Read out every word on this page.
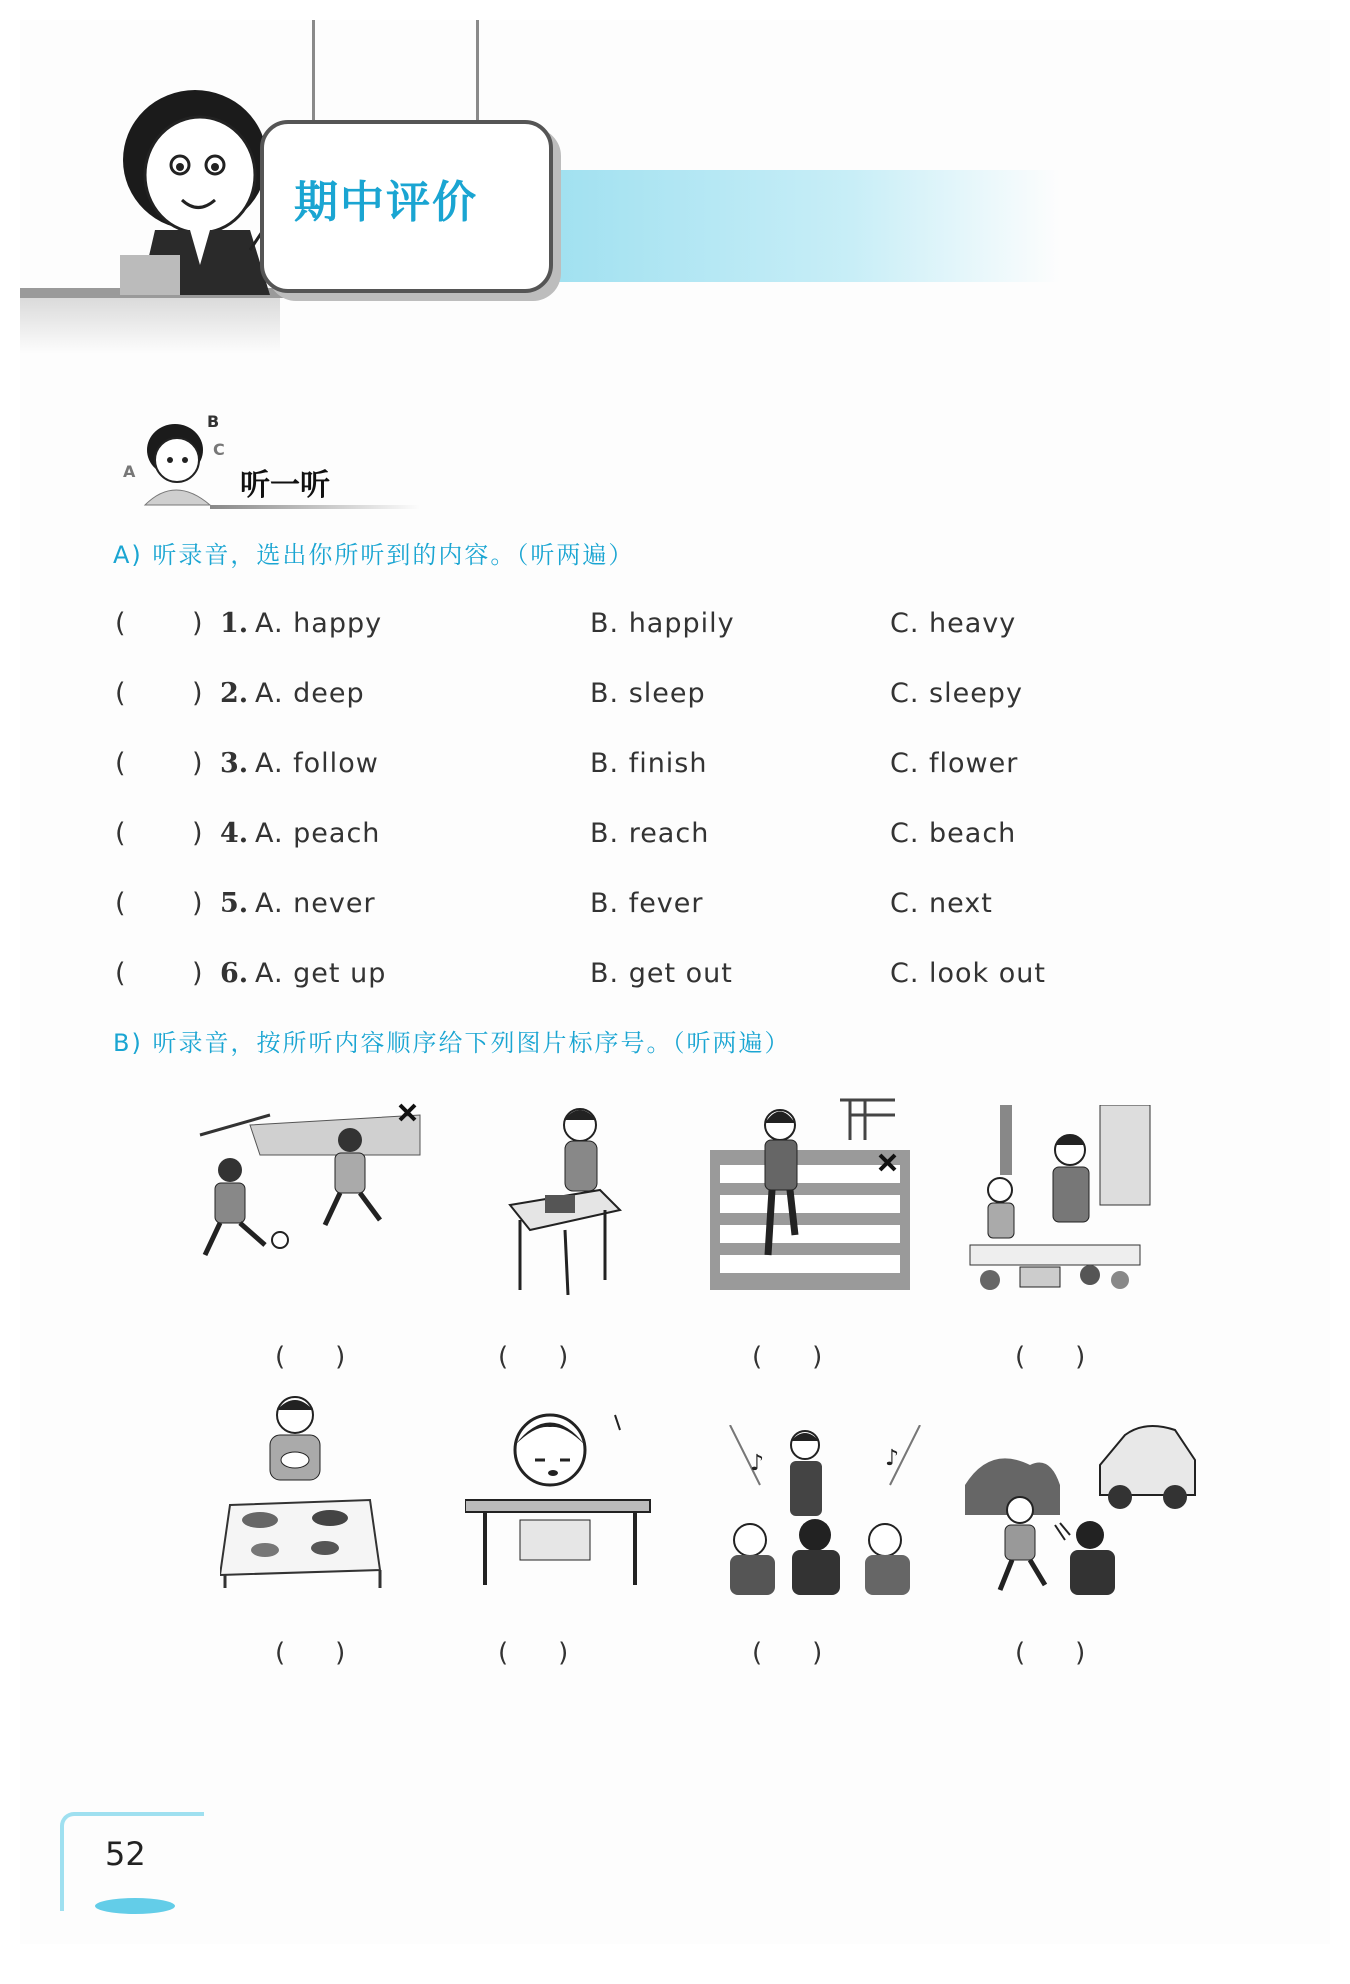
期中评价
A
B
C
听一听
A) 听录音，选出你所听到的内容。（听两遍）
( ) 1. A. happy	B. happily	C. heavy
( ) 2. A. deep	B. sleep	C. sleepy
( ) 3. A. follow	B. finish	C. flower
( ) 4. A. peach	B. reach	C. beach
( ) 5. A. never	B. fever	C. next
( ) 6. A. get up	B. get out	C. look out
B) 听录音，按所听内容顺序给下列图片标序号。（听两遍）
( )	( )	( )	( )
♪	♪
( )	( )	( )	( )
52
